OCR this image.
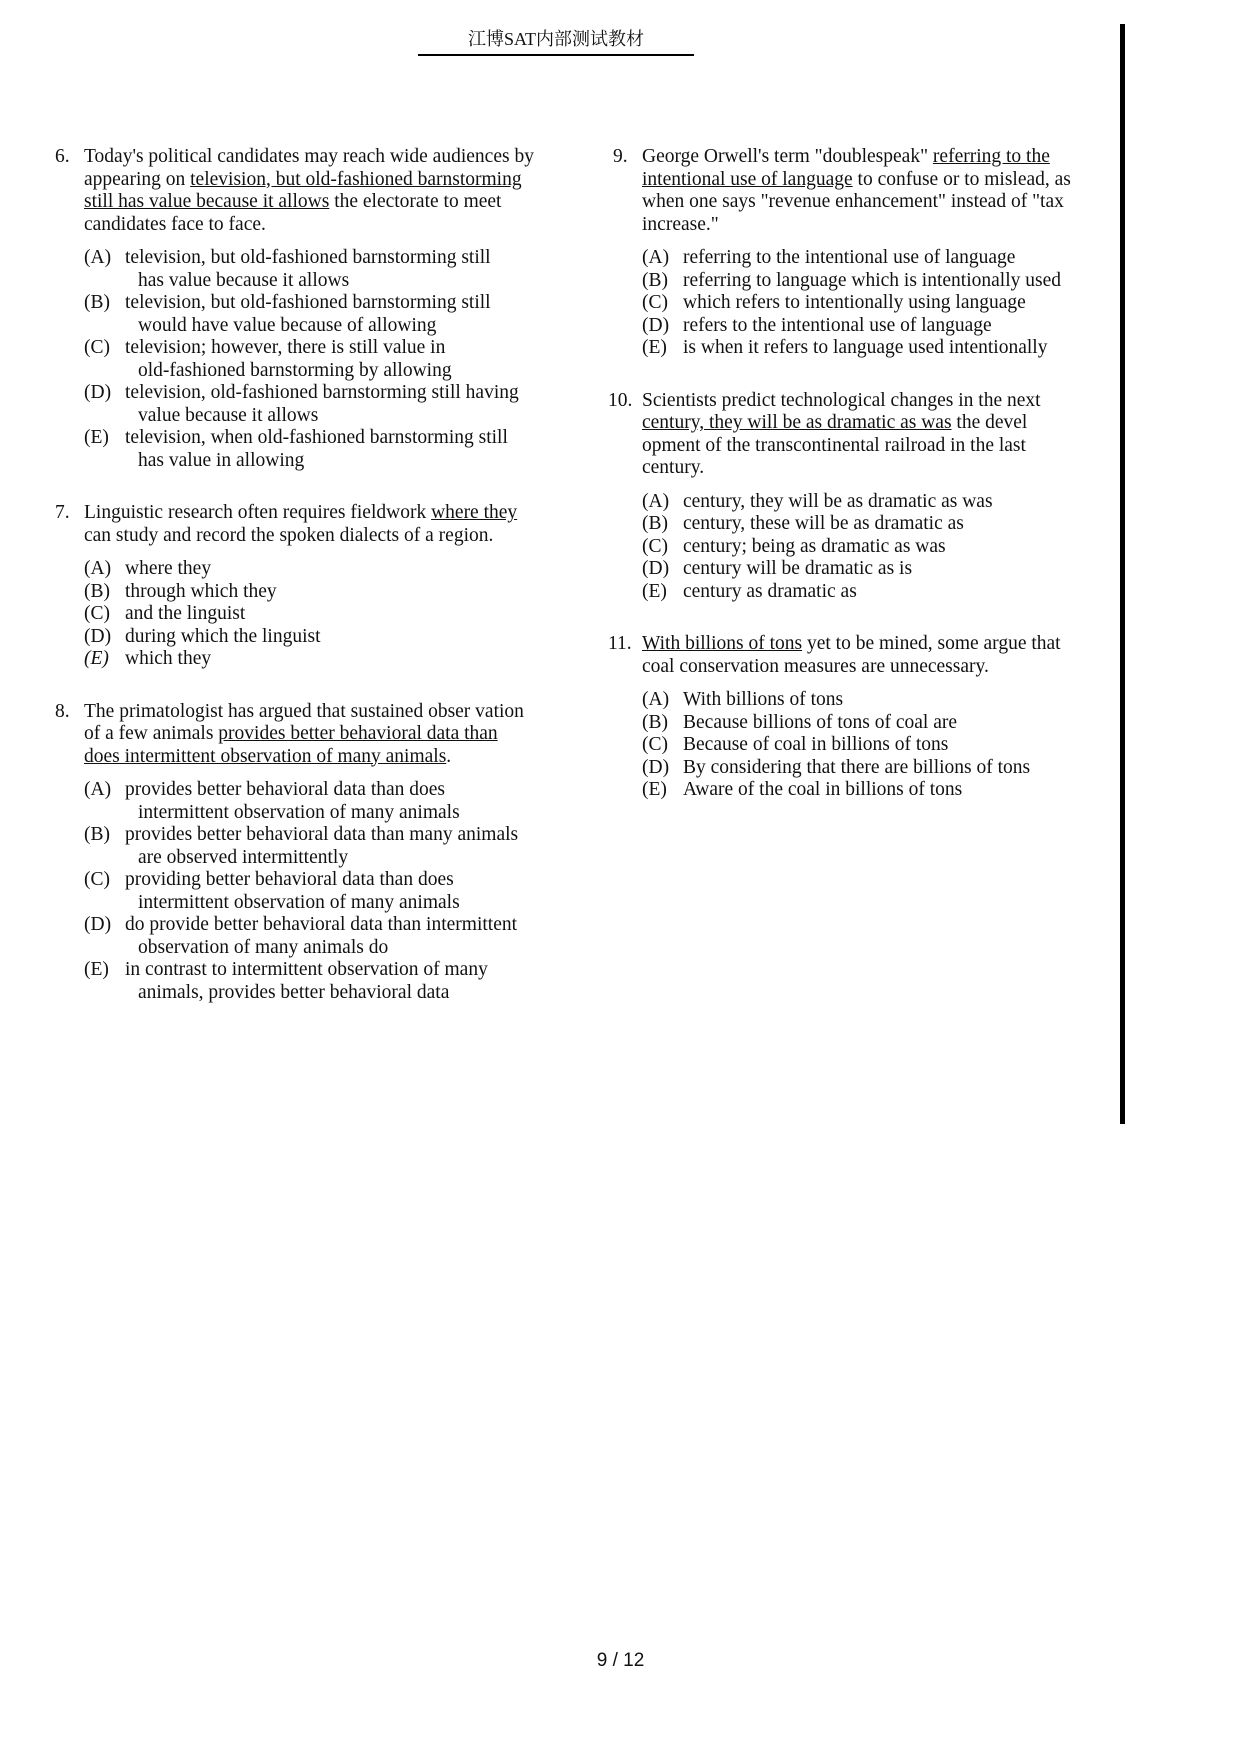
江博SAT内部测试教材
6. Today's political candidates may reach wide audiences by appearing on television, but old-fashioned barnstorming still has value because it allows the electorate to meet candidates face to face.
(A) television, but old-fashioned barnstorming still
has value because it allows
(B) television, but old-fashioned barnstorming still
would have value because of allowing
(C) television; however, there is still value in
old-fashioned barnstorming by allowing
(D) television, old-fashioned barnstorming still having
value because it allows
(E) television, when old-fashioned barnstorming still
has value in allowing
7. Linguistic research often requires fieldwork where they can study and record the spoken dialects of a region.
(A) where they
(B) through which they
(C) and the linguist
(D) during which the linguist
(E) which they
8. The primatologist has argued that sustained obser vation of a few animals provides better behavioral data than does intermittent observation of many animals.
(A) provides better behavioral data than does
intermittent observation of many animals
(B) provides better behavioral data than many animals
are observed intermittently
(C) providing better behavioral data than does
intermittent observation of many animals
(D) do provide better behavioral data than intermittent
observation of many animals do
(E) in contrast to intermittent observation of many
animals, provides better behavioral data
9. George Orwell's term "doublespeak" referring to the intentional use of language to confuse or to mislead, as when one says "revenue enhancement" instead of "tax increase."
(A) referring to the intentional use of language
(B) referring to language which is intentionally used
(C) which refers to intentionally using language
(D) refers to the intentional use of language
(E) is when it refers to language used intentionally
10. Scientists predict technological changes in the next century, they will be as dramatic as was the devel opment of the transcontinental railroad in the last century.
(A) century, they will be as dramatic as was
(B) century, these will be as dramatic as
(C) century; being as dramatic as was
(D) century will be dramatic as is
(E) century as dramatic as
11. With billions of tons yet to be mined, some argue that coal conservation measures are unnecessary.
(A) With billions of tons
(B) Because billions of tons of coal are
(C) Because of coal in billions of tons
(D) By considering that there are billions of tons
(E) Aware of the coal in billions of tons
9 / 12
